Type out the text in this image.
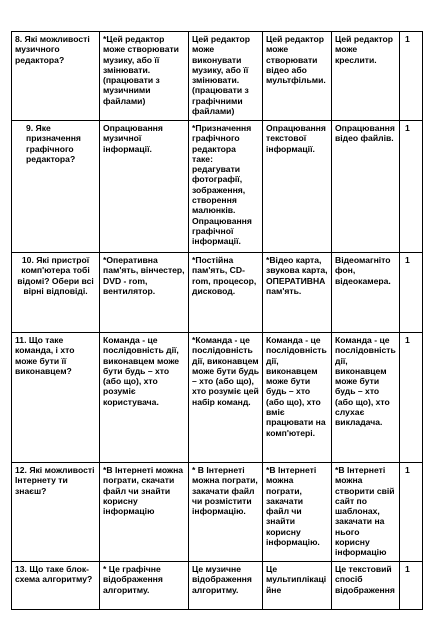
8. Які можливості музичного редактора?	*Цей редактор може створювати музику, або її змінювати.(працювати з музичними файлами)	Цей редактор може виконувати музику, або її змінювати. (працювати з графічними файлами)	Цей редактор може створювати відео або мультфільми.	Цей редактор може креслити.	1
9. Яке призначення графічного редактора?	Опрацювання музичної інформації.	*Призначення графічного редактора таке: редагувати фотографії, зображення, створення малюнків. Опрацювання графічної інформації.	Опрацювання текстової інформації.	Опрацювання відео файлів.	1
10. Які пристрої комп'ютера тобі відомі? Обери всі вірні відповіді.	*Оперативна пам'ять, вінчестер, DVD - rom, вентилятор.	*Постійна пам'ять, CD-rom, процесор, дисковод.	*Відео карта, звукова карта, ОПЕРАТИВНА пам'ять.	Відеомагнітофон, відеокамера.	1
11. Що таке команда, і хто може бути її виконавцем?	Команда - це послідовність дії, виконавцем може бути будь – хто (або що), хто розуміє користувача.	*Команда - це послідовність дії, виконавцем може бути будь – хто (або що), хто розуміє цей набір команд.	Команда - це послідовність дії, виконавцем може бути будь – хто (або що), хто вміє працювати на комп'ютері.	Команда - це послідовність дії, виконавцем може бути будь – хто (або що), хто слухає викладача.	1
12. Які можливості Інтернету ти знаєш?	*В Інтернеті можна пограти, скачати файл чи знайти корисну інформацію	* В Інтернеті можна пограти, закачати файл чи розмістити інформацію.	*В Інтернеті можна пограти, закачати файл чи знайти корисну інформацію.	*В Інтернеті можна створити свій сайт по шаблонах, закачати на нього корисну інформацію	1
13. Що таке блок-схема алгоритму?	* Це графічне відображення алгоритму.	Це музичне відображення алгоритму.	Це мультиплікаційне	Це текстовий спосіб відображення	1
